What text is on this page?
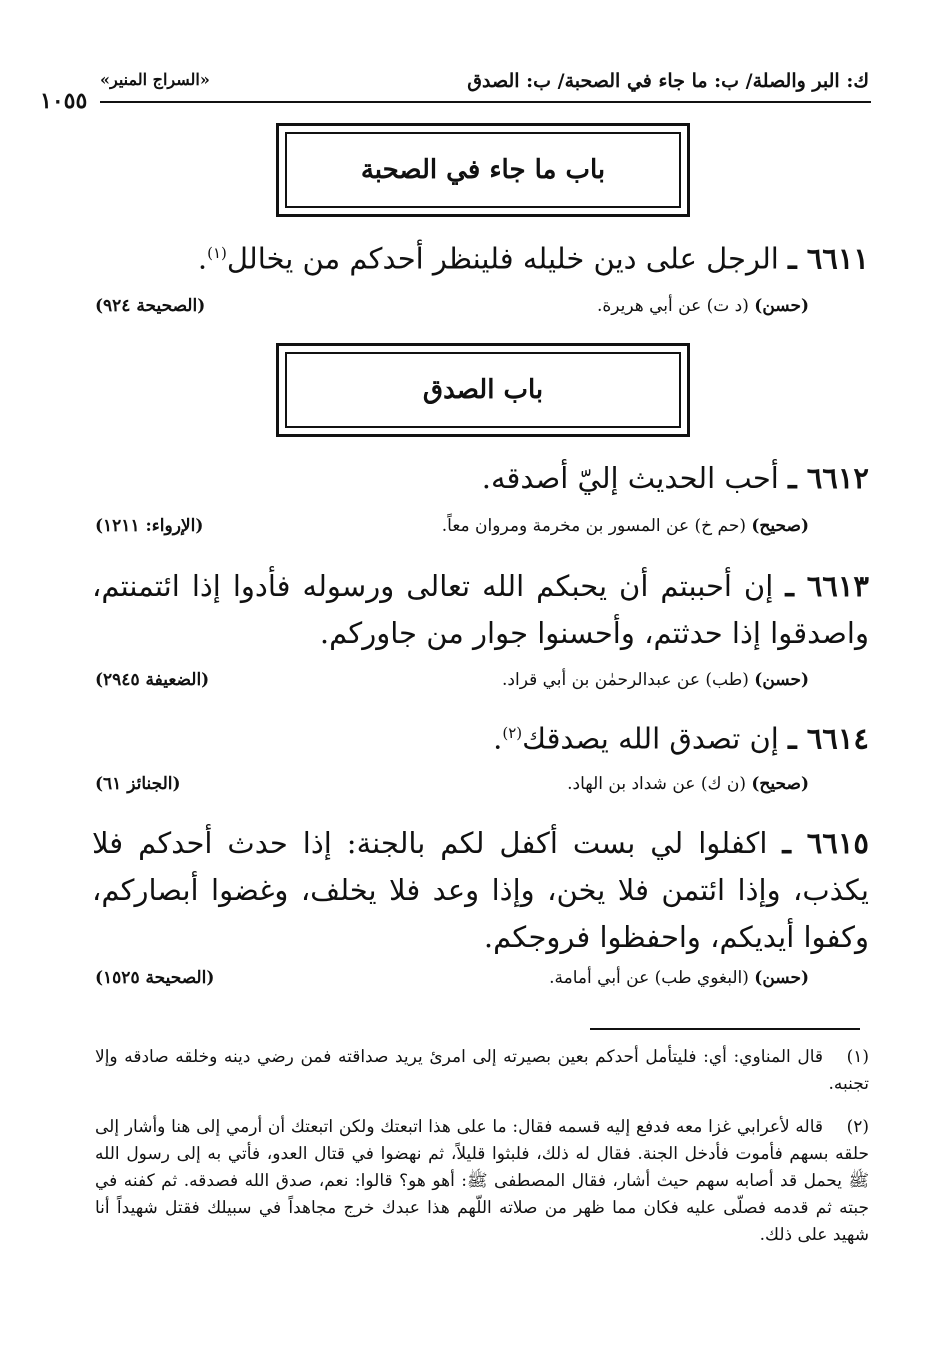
ك: البر والصلة/ ب: ما جاء في الصحبة/ ب: الصدق
«السراج المنير»
١٠٥٥
باب ما جاء في الصحبة
٦٦١١ ـ الرجل على دين خليله فلينظر أحدكم من يخالل$^{(١)}$.
(حسن) (د ت) عن أبي هريرة.
(الصحيحة ٩٢٤)
باب الصدق
٦٦١٢ ـ أحب الحديث إليّ أصدقه.
(صحيح) (حم خ) عن المسور بن مخرمة ومروان معاً.
(الإرواء: ١٢١١)
٦٦١٣ ـ إن أحببتم أن يحبكم الله تعالى ورسوله فأدوا إذا ائتمنتم، واصدقوا إذا حدثتم، وأحسنوا جوار من جاوركم.
(حسن) (طب) عن عبدالرحمٰن بن أبي قراد.
(الضعيفة ٢٩٤٥)
٦٦١٤ ـ إن تصدق الله يصدقك$^{(٢)}$.
(صحيح) (ن ك) عن شداد بن الهاد.
(الجنائز ٦١)
٦٦١٥ ـ اكفلوا لي بست أكفل لكم بالجنة: إذا حدث أحدكم فلا يكذب، وإذا ائتمن فلا يخن، وإذا وعد فلا يخلف، وغضوا أبصاركم، وكفوا أيديكم، واحفظوا فروجكم.
(حسن) (البغوي طب) عن أبي أمامة.
(الصحيحة ١٥٢٥)
(١)قال المناوي: أي: فليتأمل أحدكم بعين بصيرته إلى امرئ يريد صداقته فمن رضي دينه وخلقه صادقه وإلا تجنبه.
(٢)قاله لأعرابي غزا معه فدفع إليه قسمه فقال: ما على هذا اتبعتك ولكن اتبعتك أن أرمي إلى هنا وأشار إلى حلقه بسهم فأموت فأدخل الجنة. فقال له ذلك، فلبثوا قليلاً، ثم نهضوا في قتال العدو، فأتي به إلى رسول الله ﷺ يحمل قد أصابه سهم حيث أشار، فقال المصطفى ﷺ: أهو هو؟ قالوا: نعم، صدق الله فصدقه. ثم كفنه في جبته ثم قدمه فصلّى عليه فكان مما ظهر من صلاته اللّهم هذا عبدك خرج مجاهداً في سبيلك فقتل شهيداً أنا شهيد على ذلك.
